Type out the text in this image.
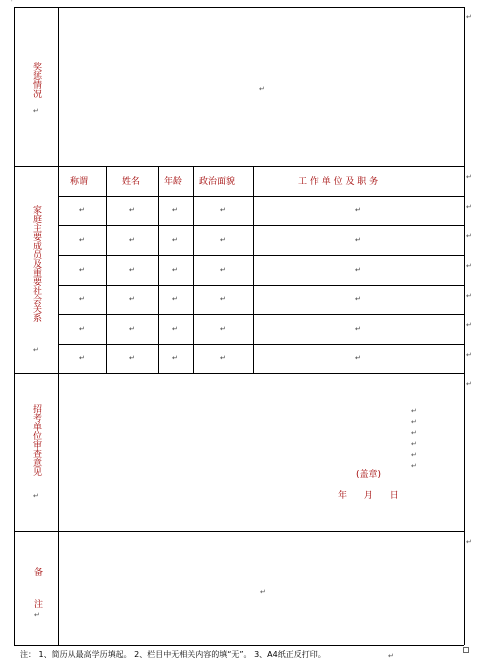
奖惩情况
↵
家庭主要成员及重要社会关系
↵
招考单位审查意见
↵
备
注
↵
↵
称谓	姓名	年龄 政治面貌	工 作 单 位 及 职 务
↵	↵	↵	↵	↵
↵	↵	↵	↵	↵
↵	↵	↵	↵	↵
↵	↵	↵	↵	↵
↵	↵	↵	↵	↵
↵	↵	↵	↵	↵
↵
↵
↵
↵
↵
↵
(盖章)
年 月 日
↵
↵
↵
↵
↵
↵
↵
↵
↵
↵
↵
˙
注： 1、简历从最高学历填起。 2、栏目中无相关内容的填“无”。 3、A4纸正反打印。	↵
